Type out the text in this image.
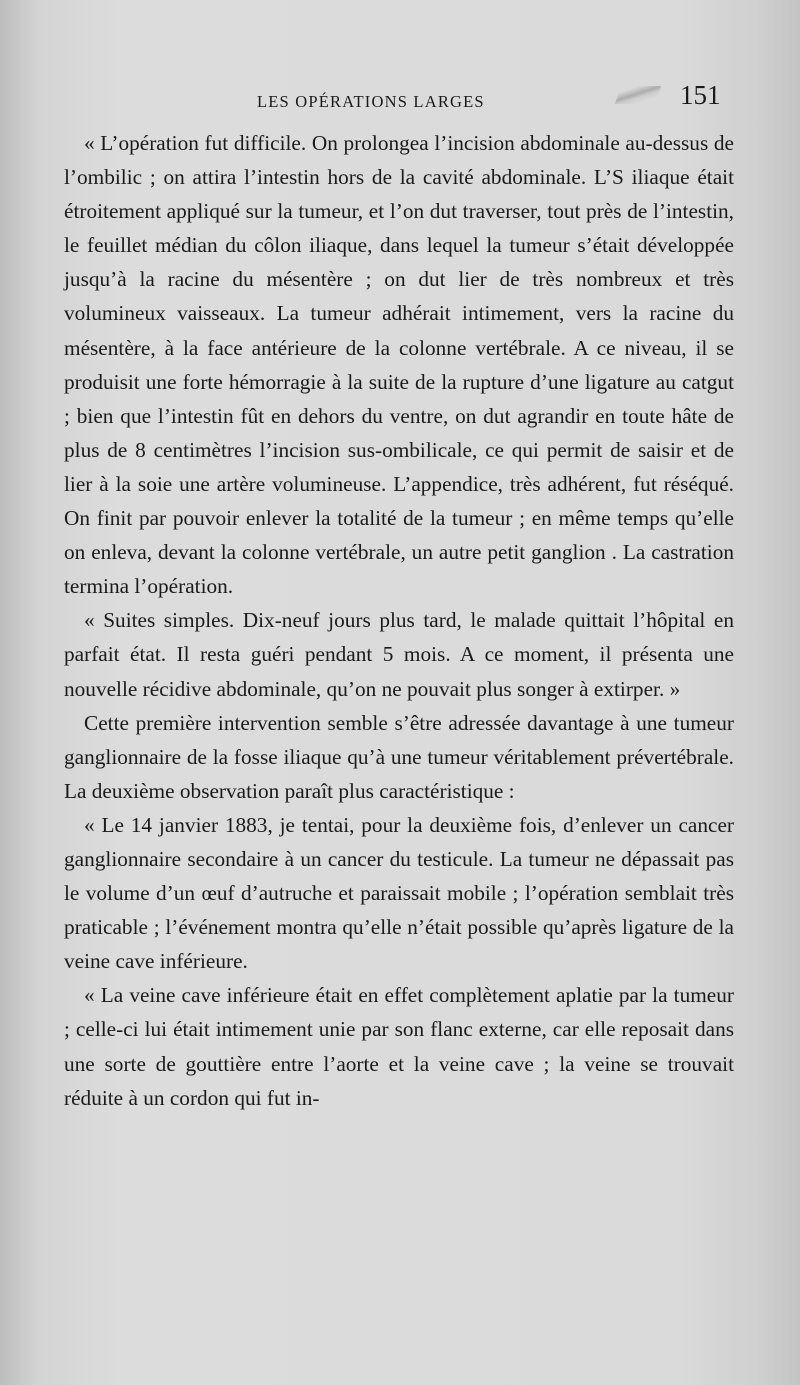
LES OPÉRATIONS LARGES	151

« L’opération fut difficile. On prolongea l’incision abdominale au-dessus de l’ombilic ; on attira l’intestin hors de la cavité abdominale. L’S iliaque était étroitement appliqué sur la tumeur, et l’on dut traverser, tout près de l’intestin, le feuillet médian du côlon iliaque, dans lequel la tumeur s’était développée jusqu’à la racine du mésentère ; on dut lier de très nombreux et très volumineux vaisseaux. La tumeur adhérait intimement, vers la racine du mésentère, à la face antérieure de la colonne vertébrale. A ce niveau, il se produisit une forte hémorragie à la suite de la rupture d’une ligature au catgut ; bien que l’intestin fût en dehors du ventre, on dut agrandir en toute hâte de plus de 8 centimètres l’incision sus-ombilicale, ce qui permit de saisir et de lier à la soie une artère volumineuse. L’appendice, très adhérent, fut réséqué. On finit par pouvoir enlever la totalité de la tumeur ; en même temps qu’elle on enleva, devant la colonne vertébrale, un autre petit ganglion . La castration termina l’opération.

« Suites simples. Dix-neuf jours plus tard, le malade quittait l’hôpital en parfait état. Il resta guéri pendant 5 mois. A ce moment, il présenta une nouvelle récidive abdominale, qu’on ne pouvait plus songer à extirper. »

Cette première intervention semble s’être adressée davantage à une tumeur ganglionnaire de la fosse iliaque qu’à une tumeur véritablement prévertébrale. La deuxième observation paraît plus caractéristique :

« Le 14 janvier 1883, je tentai, pour la deuxième fois, d’enlever un cancer ganglionnaire secondaire à un cancer du testicule. La tumeur ne dépassait pas le volume d’un œuf d’autruche et paraissait mobile ; l’opération semblait très praticable ; l’événement montra qu’elle n’était possible qu’après ligature de la veine cave inférieure.

« La veine cave inférieure était en effet complètement aplatie par la tumeur ; celle-ci lui était intimement unie par son flanc externe, car elle reposait dans une sorte de gouttière entre l’aorte et la veine cave ; la veine se trouvait réduite à un cordon qui fut in-
